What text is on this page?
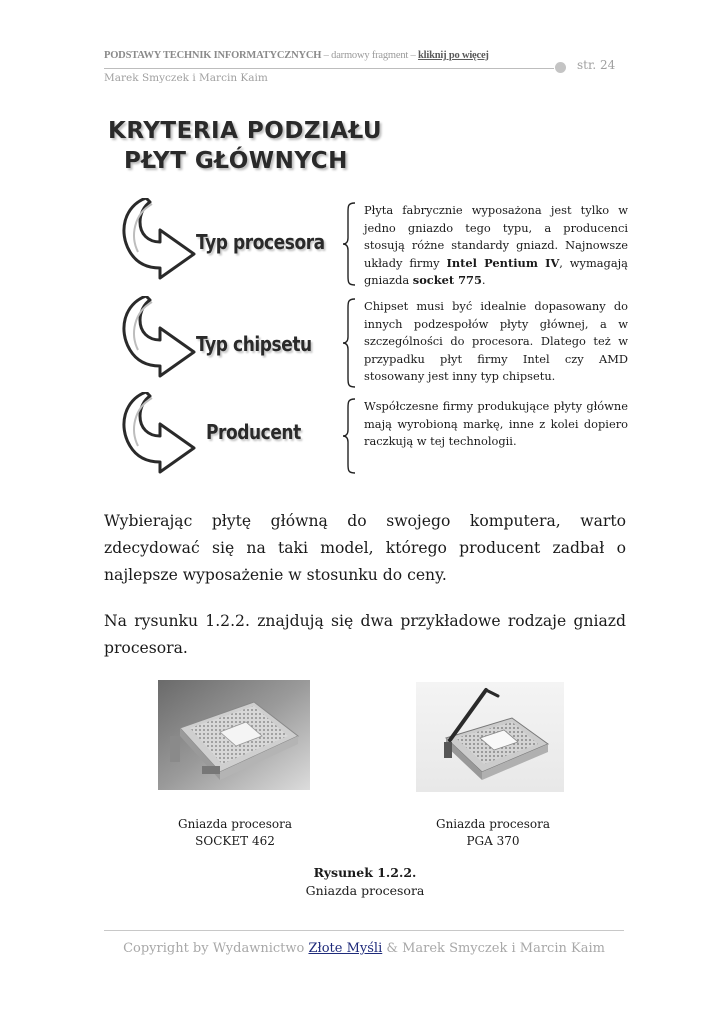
PODSTAWY TECHNIK INFORMATYCZNYCH – darmowy fragment – kliknij po więcej
str. 24
Marek Smyczek i Marcin Kaim
KRYTERIA PODZIAŁU
PŁYT GŁÓWNYCH
Typ procesora
Płyta fabrycznie wyposażona jest tylko w jedno gniazdo tego typu, a producenci stosują różne standardy gniazd. Najnowsze układy firmy Intel Pentium IV, wymagają gniazda socket 775.
Typ chipsetu
Chipset musi być idealnie dopasowany do innych podzespołów płyty głównej, a w szczególności do procesora. Dlatego też w przypadku płyt firmy Intel czy AMD stosowany jest inny typ chipsetu.
Producent
Współczesne firmy produkujące płyty główne mają wyrobioną markę, inne z kolei dopiero raczkują w tej technologii.
Wybierając płytę główną do swojego komputera, warto zdecydować się na taki model, którego producent zadbał o najlepsze wyposażenie w stosunku do ceny.
Na rysunku 1.2.2. znajdują się dwa przykładowe rodzaje gniazd procesora.
Gniazda procesora
SOCKET 462
Gniazda procesora
PGA 370
Rysunek 1.2.2.
Gniazda procesora
Copyright by Wydawnictwo Złote Myśli & Marek Smyczek i Marcin Kaim
